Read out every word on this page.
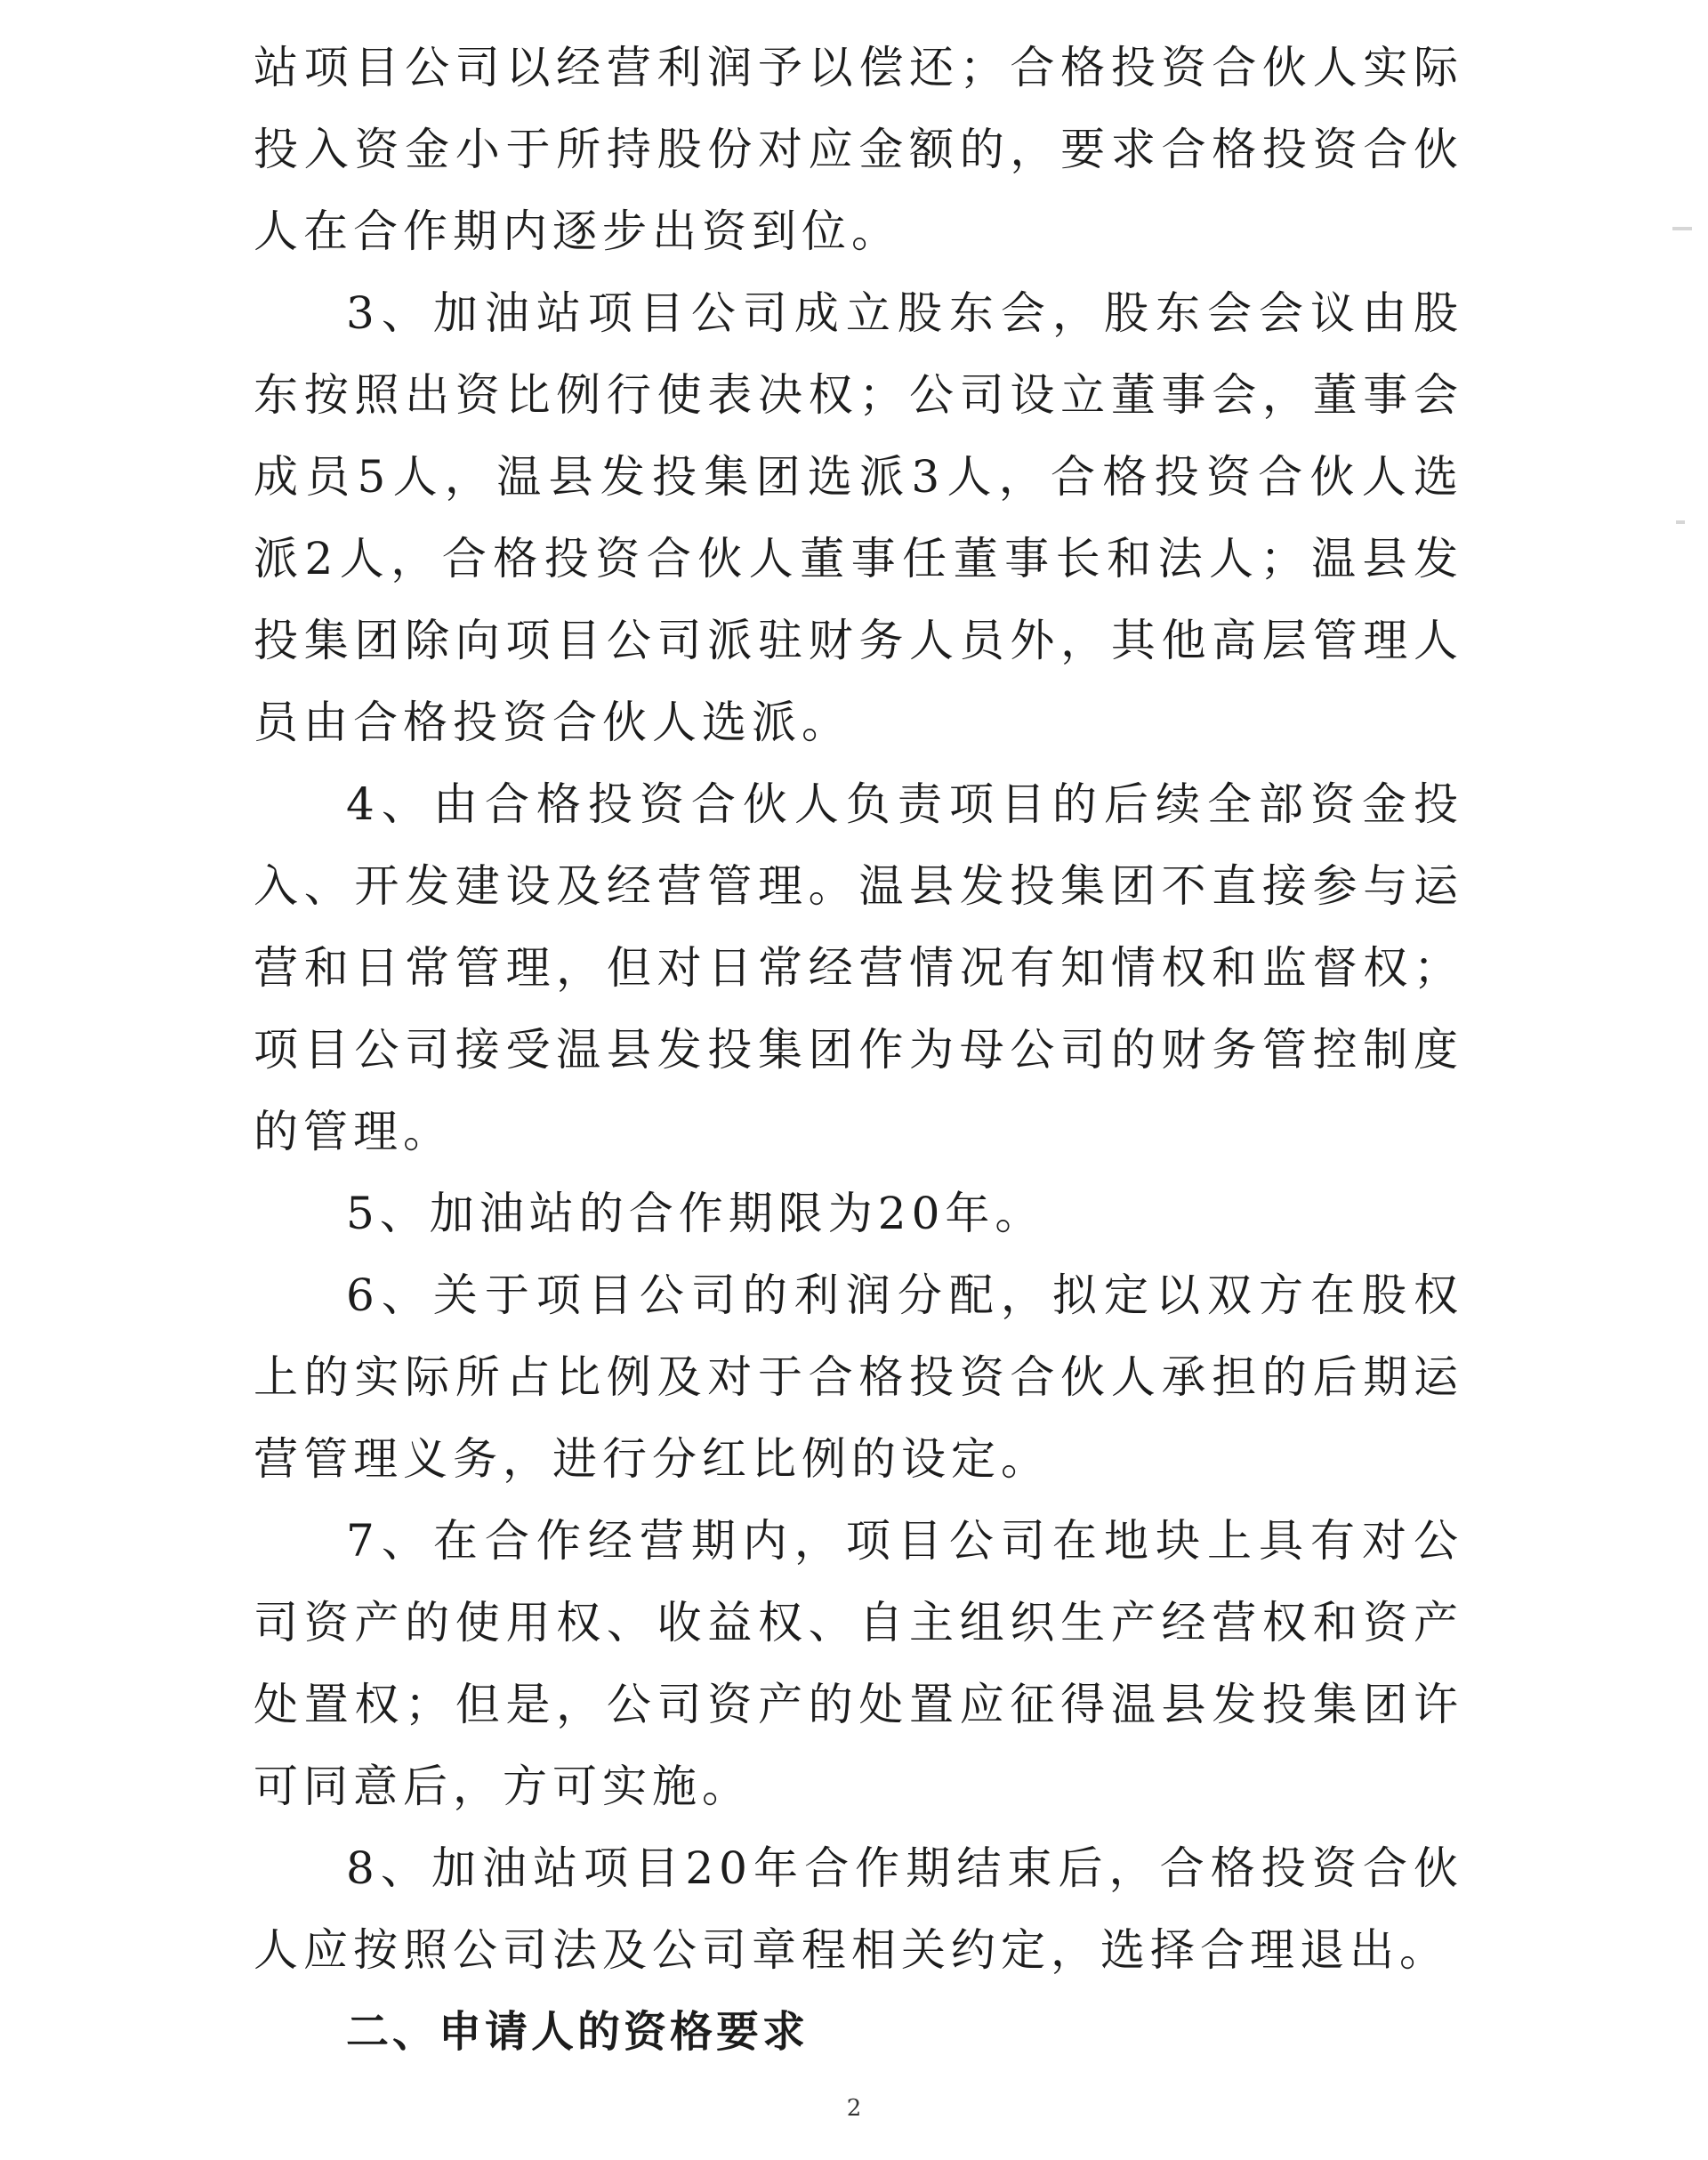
站项目公司以经营利润予以偿还；合格投资合伙人实际投入资金小于所持股份对应金额的，要求合格投资合伙人在合作期内逐步出资到位。

3、加油站项目公司成立股东会，股东会会议由股东按照出资比例行使表决权；公司设立董事会，董事会成员5人，温县发投集团选派3人，合格投资合伙人选派2人，合格投资合伙人董事任董事长和法人；温县发投集团除向项目公司派驻财务人员外，其他高层管理人员由合格投资合伙人选派。

4、由合格投资合伙人负责项目的后续全部资金投入、开发建设及经营管理。温县发投集团不直接参与运营和日常管理，但对日常经营情况有知情权和监督权；项目公司接受温县发投集团作为母公司的财务管控制度的管理。

5、加油站的合作期限为20年。

6、关于项目公司的利润分配，拟定以双方在股权上的实际所占比例及对于合格投资合伙人承担的后期运营管理义务，进行分红比例的设定。

7、在合作经营期内，项目公司在地块上具有对公司资产的使用权、收益权、自主组织生产经营权和资产处置权；但是，公司资产的处置应征得温县发投集团许可同意后，方可实施。

8、加油站项目20年合作期结束后，合格投资合伙人应按照公司法及公司章程相关约定，选择合理退出。

二、申请人的资格要求

2
